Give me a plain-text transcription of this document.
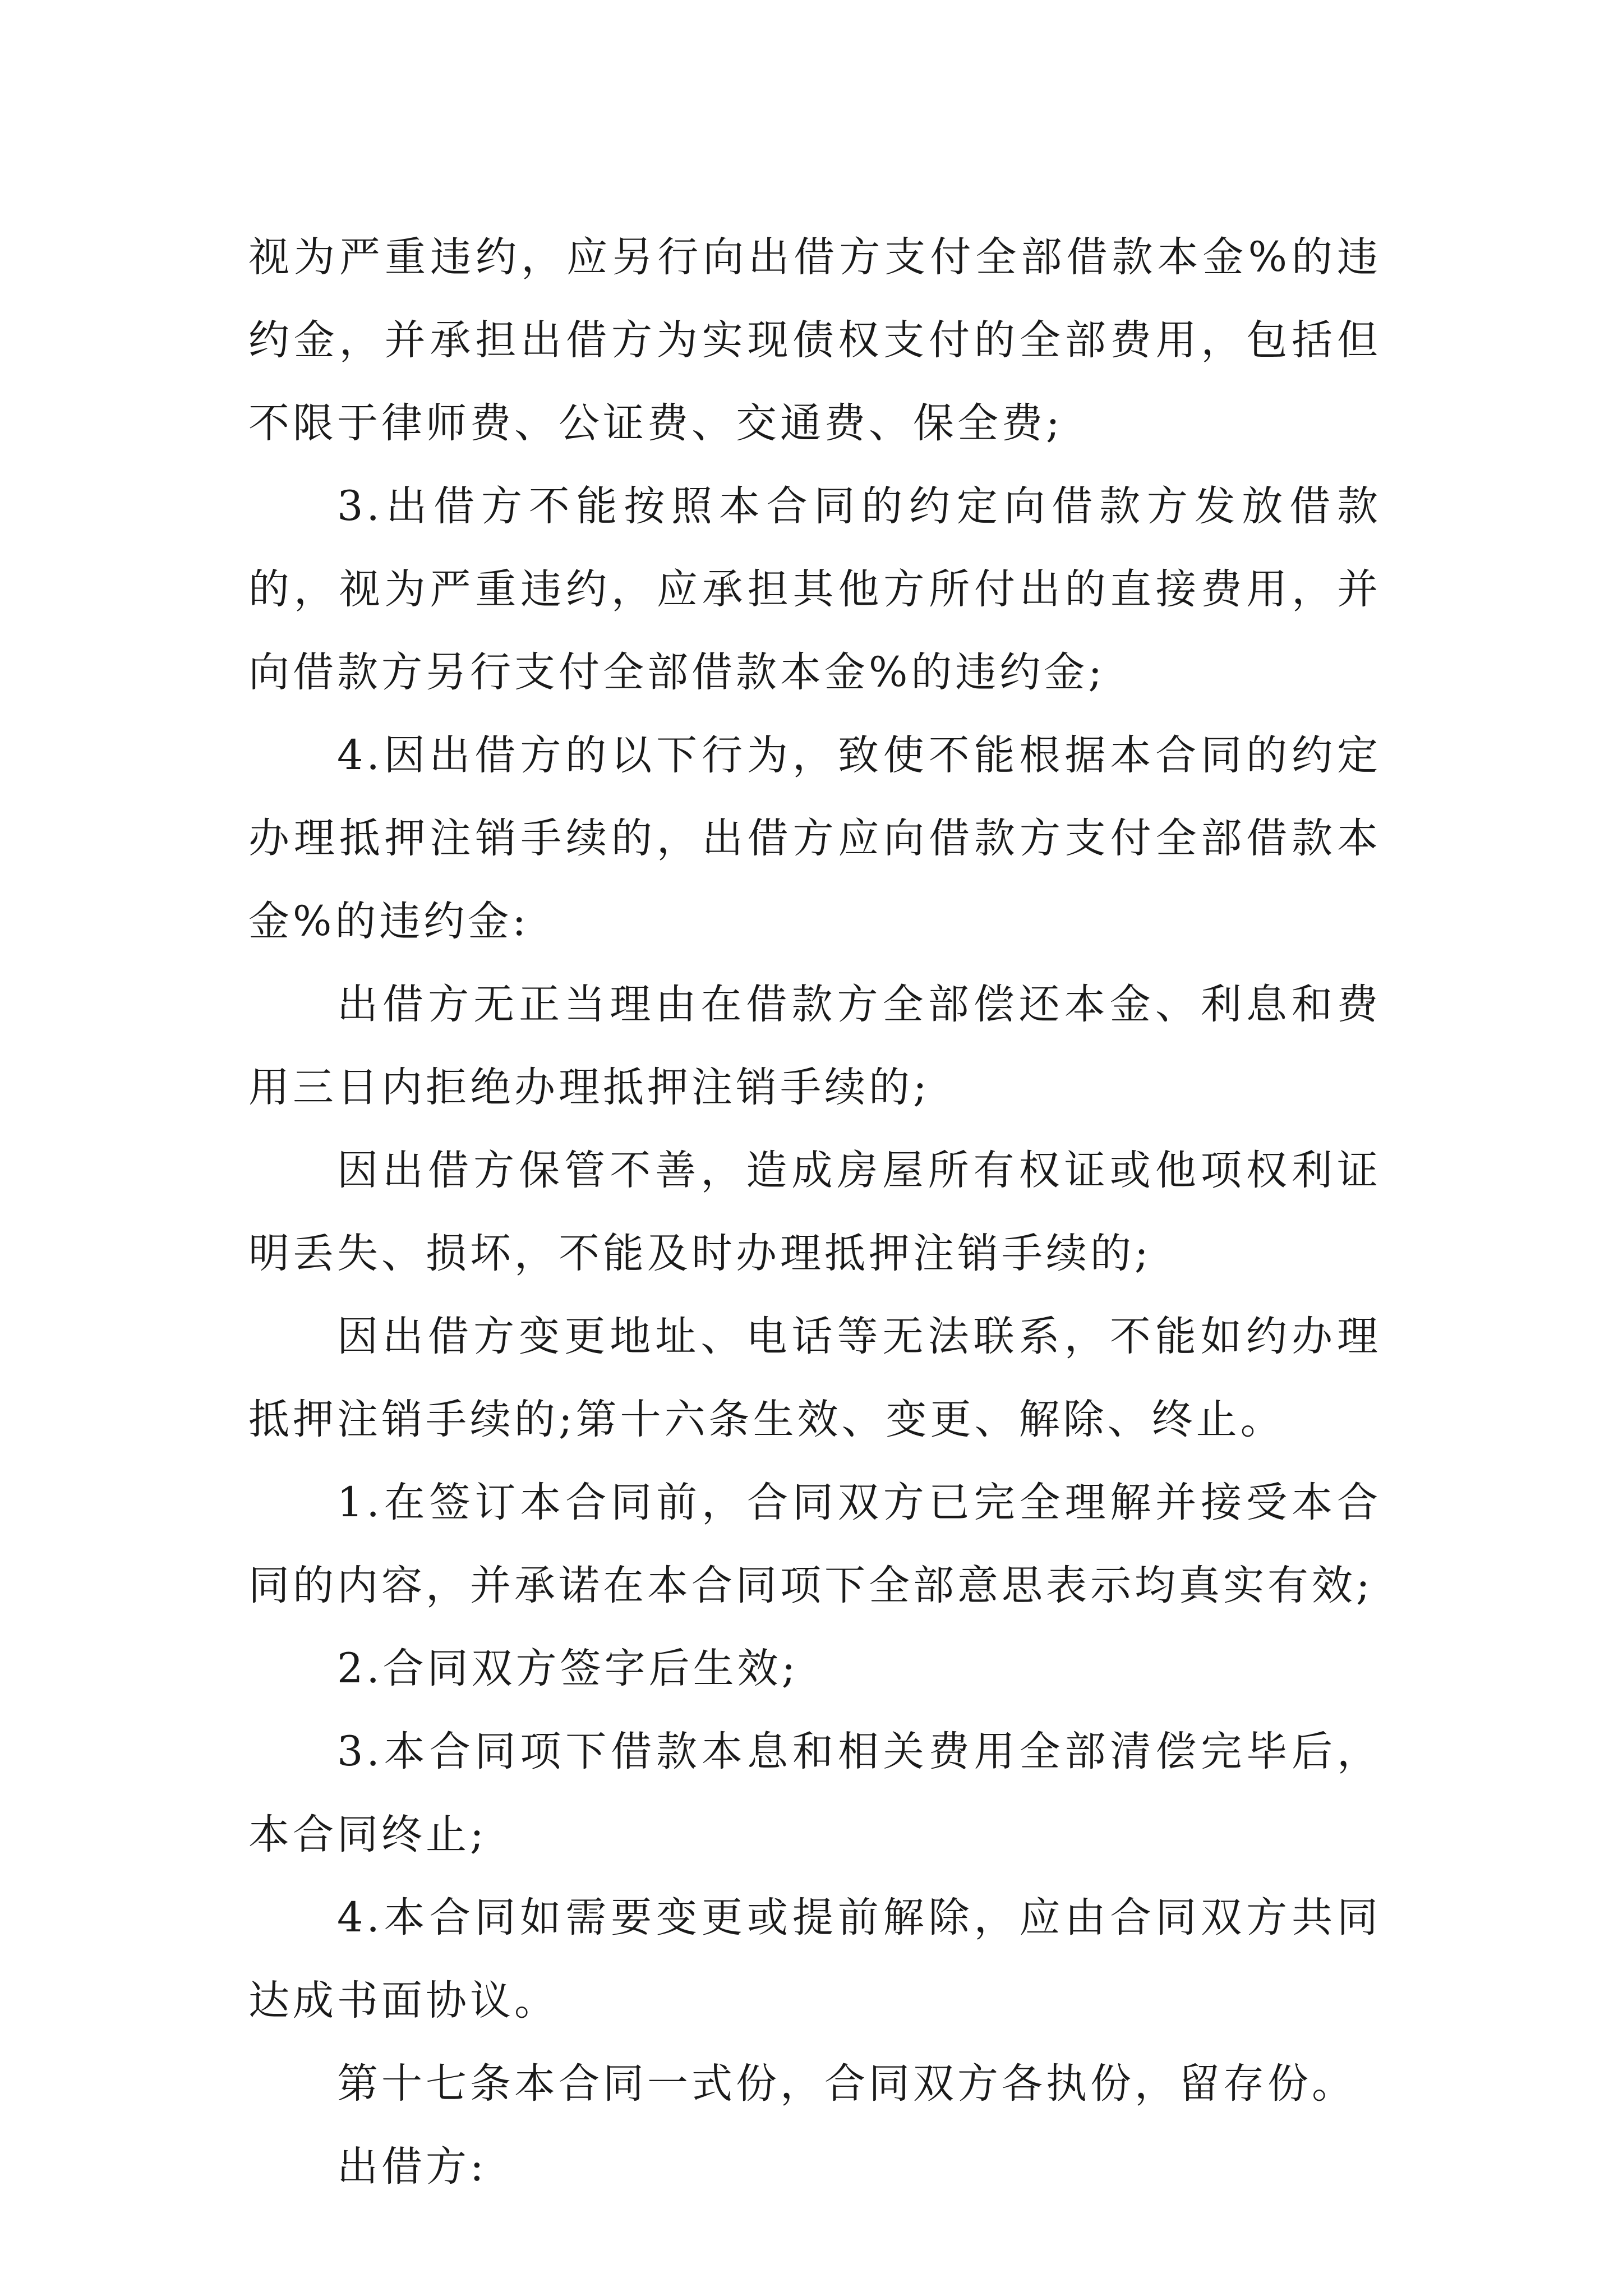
视为严重违约，应另行向出借方支付全部借款本金%的违约金，并承担出借方为实现债权支付的全部费用，包括但不限于律师费、公证费、交通费、保全费;

3.出借方不能按照本合同的约定向借款方发放借款的，视为严重违约，应承担其他方所付出的直接费用，并向借款方另行支付全部借款本金%的违约金;

4.因出借方的以下行为，致使不能根据本合同的约定办理抵押注销手续的，出借方应向借款方支付全部借款本金%的违约金:

出借方无正当理由在借款方全部偿还本金、利息和费用三日内拒绝办理抵押注销手续的;

因出借方保管不善，造成房屋所有权证或他项权利证明丢失、损坏，不能及时办理抵押注销手续的;

因出借方变更地址、电话等无法联系，不能如约办理抵押注销手续的;第十六条生效、变更、解除、终止。

1.在签订本合同前，合同双方已完全理解并接受本合同的内容，并承诺在本合同项下全部意思表示均真实有效;

2.合同双方签字后生效;

3.本合同项下借款本息和相关费用全部清偿完毕后，本合同终止;

4.本合同如需要变更或提前解除，应由合同双方共同达成书面协议。

第十七条本合同一式份，合同双方各执份，留存份。

出借方:
